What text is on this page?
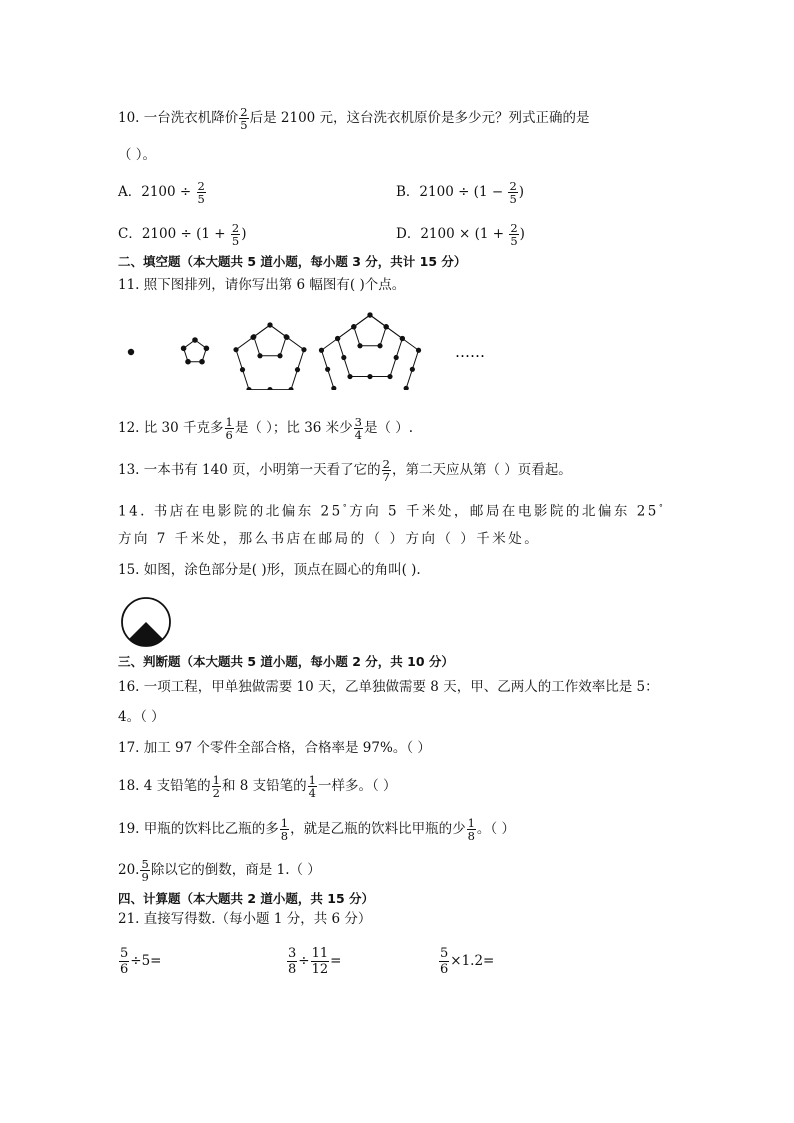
10. 一台洗衣机降价 $\frac{2}{5}$ 后是 2100 元，这台洗衣机原价是多少元？列式正确的是
（ ）。
A．$2100 \div \frac{2}{5}$	B．$2100 \div (1 - \frac{2}{5}$ )
C．$2100 \div (1 + \frac{2}{5}$ )	D．$2100 \times (1 + \frac{2}{5}$ )
二、填空题（本大题共 5 道小题，每小题 3 分，共计 15 分）
11. 照下图排列，请你写出第 6 幅图有( )个点。
……
12. 比 30 千克多 $\frac{1}{6}$ 是（ ）；比 36 米少 $\frac{3}{4}$ 是（ ）.
13. 一本书有 140 页，小明第一天看了它的 $\frac{2}{7}$ ，第二天应从第（ ）页看起。
14. 书店在电影院的北偏东 25°方向 5 千米处，邮局在电影院的北偏东 25°
方向 7 千米处，那么书店在邮局的（ ）方向（ ）千米处。
15. 如图，涂色部分是( )形，顶点在圆心的角叫( ).
三、判断题（本大题共 5 道小题，每小题 2 分，共 10 分）
16. 一项工程，甲单独做需要 10 天，乙单独做需要 8 天，甲、乙两人的工作效率比是 5：
4。（ ）
17. 加工 97 个零件全部合格，合格率是 97%。（ ）
18. 4 支铅笔的 $\frac{1}{2}$ 和 8 支铅笔的 $\frac{1}{4}$ 一样多。（ ）
19. 甲瓶的饮料比乙瓶的多 $\frac{1}{8}$ ，就是乙瓶的饮料比甲瓶的少 $\frac{1}{8}$ 。（ ）
20. $\frac{5}{9}$ 除以它的倒数，商是 1.（ ）
四、计算题（本大题共 2 道小题，共 15 分）
21. 直接写得数.（每小题 1 分，共 6 分）
$\frac{5}{6} \div 5=$	$\frac{3}{8} \div \frac{11}{12}$ =	$\frac{5}{6} \times 1.2=$
